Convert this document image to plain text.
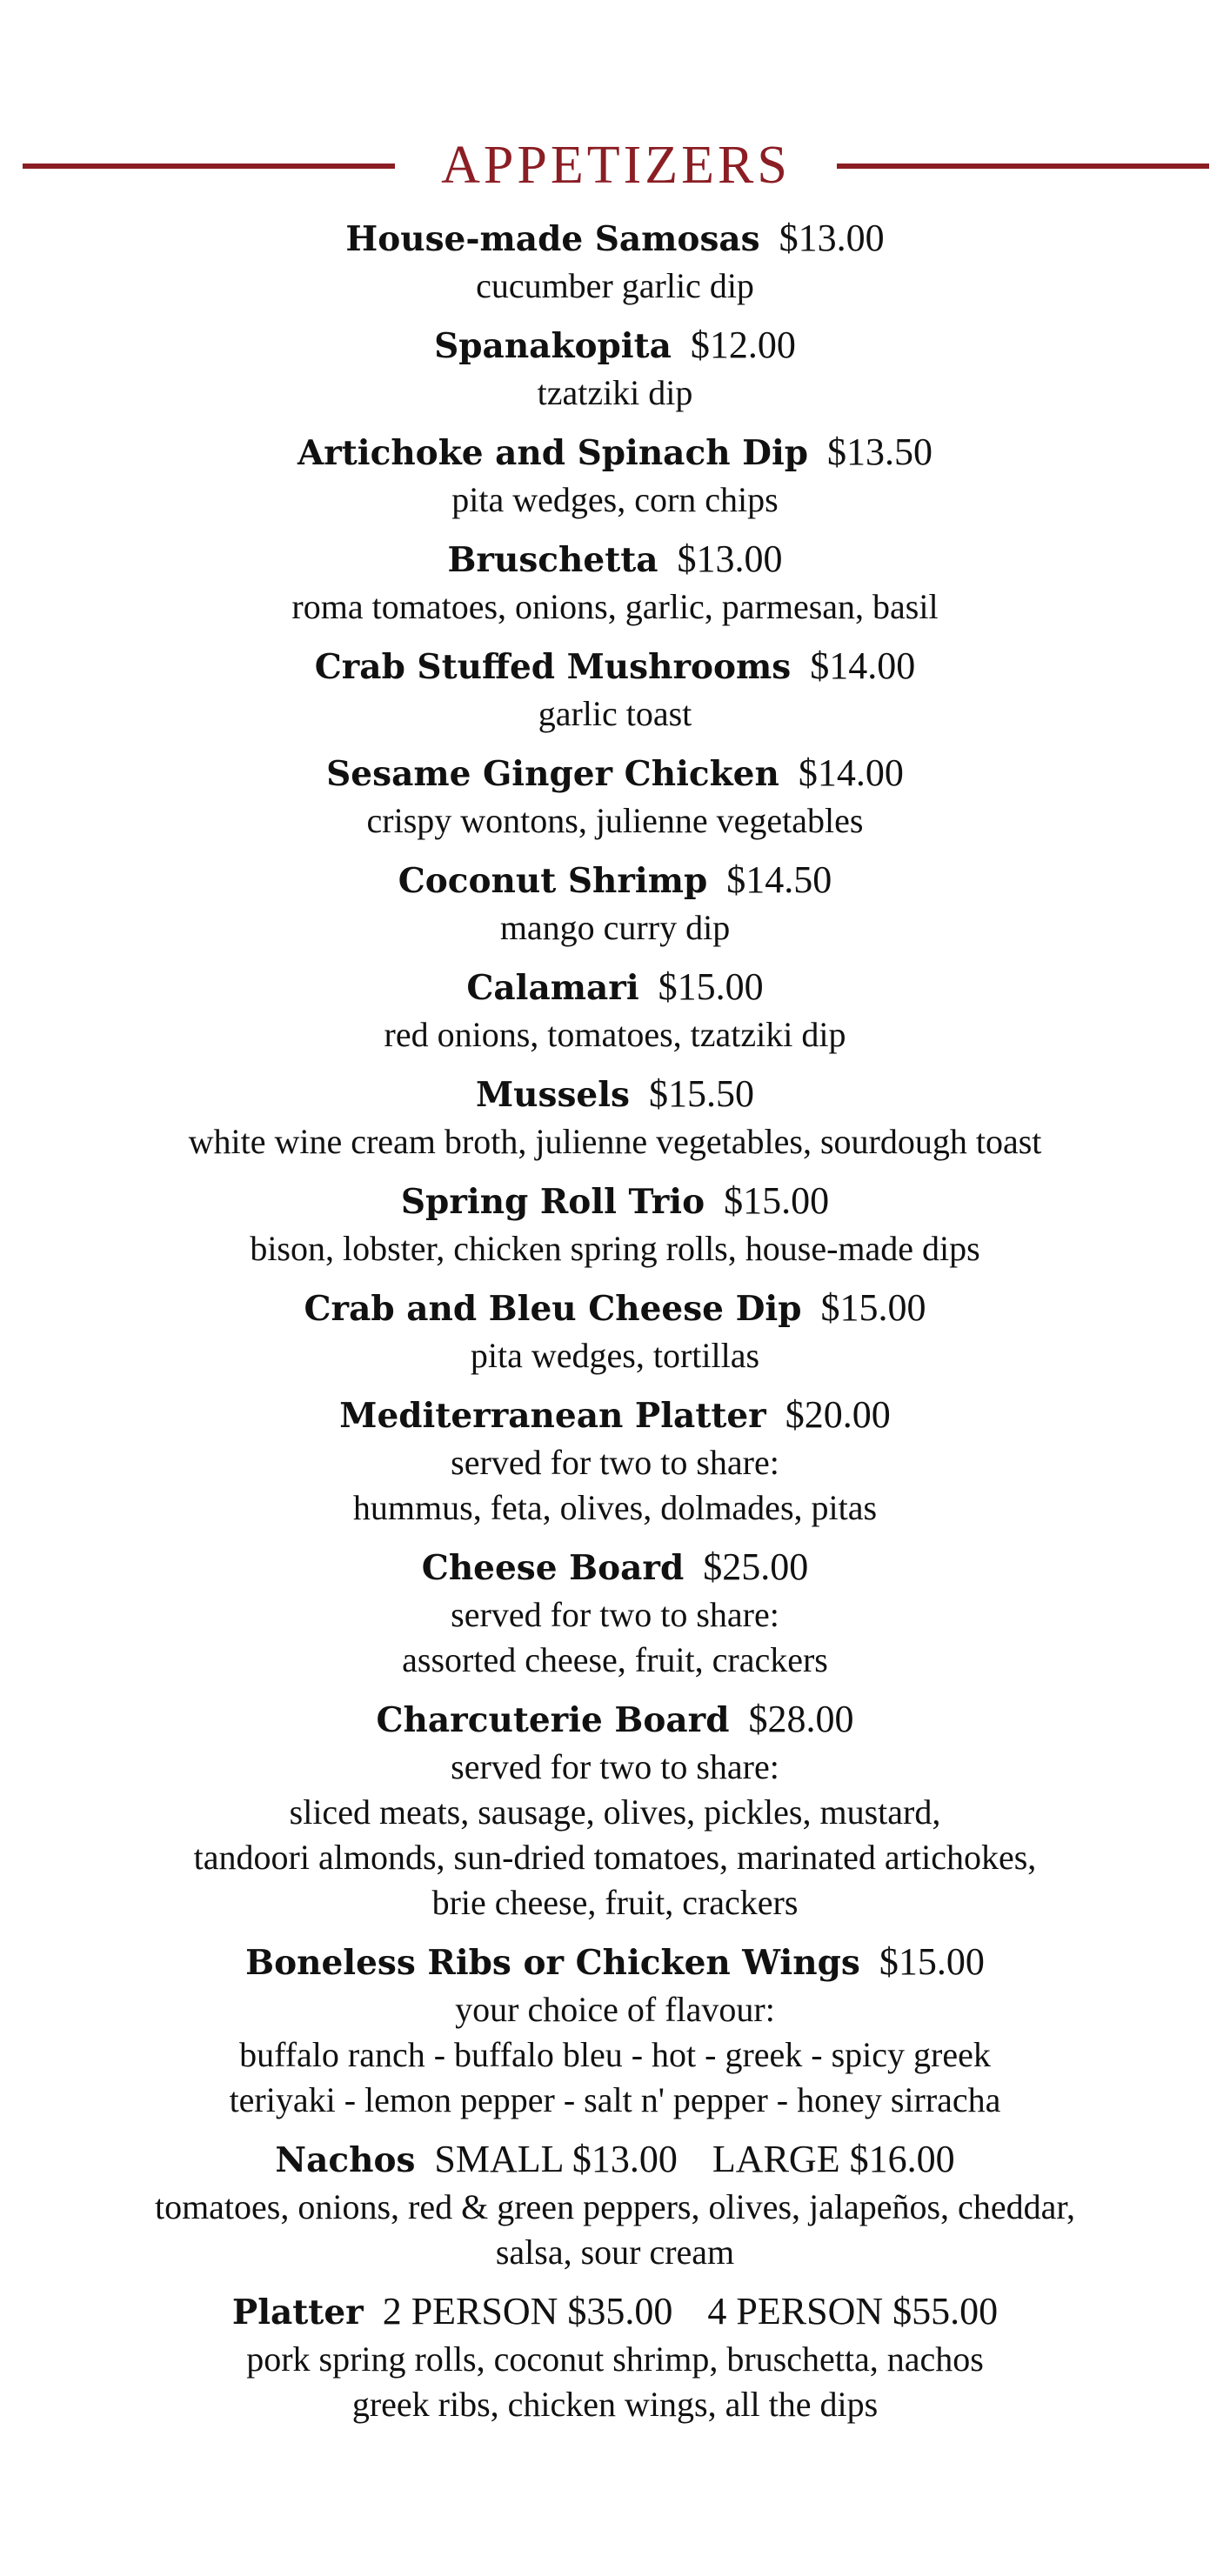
APPETIZERS
House-made Samosas $13.00
cucumber garlic dip
Spanakopita $12.00
tzatziki dip
Artichoke and Spinach Dip $13.50
pita wedges, corn chips
Bruschetta $13.00
roma tomatoes, onions, garlic, parmesan, basil
Crab Stuffed Mushrooms $14.00
garlic toast
Sesame Ginger Chicken $14.00
crispy wontons, julienne vegetables
Coconut Shrimp $14.50
mango curry dip
Calamari $15.00
red onions, tomatoes, tzatziki dip
Mussels $15.50
white wine cream broth, julienne vegetables, sourdough toast
Spring Roll Trio $15.00
bison, lobster, chicken spring rolls, house-made dips
Crab and Bleu Cheese Dip $15.00
pita wedges, tortillas
Mediterranean Platter $20.00
served for two to share:
hummus, feta, olives, dolmades, pitas
Cheese Board $25.00
served for two to share:
assorted cheese, fruit, crackers
Charcuterie Board $28.00
served for two to share:
sliced meats, sausage, olives, pickles, mustard,
tandoori almonds, sun-dried tomatoes, marinated artichokes,
brie cheese, fruit, crackers
Boneless Ribs or Chicken Wings $15.00
your choice of flavour:
buffalo ranch - buffalo bleu - hot - greek - spicy greek
teriyaki - lemon pepper - salt n' pepper - honey sirracha
Nachos SMALL $13.00 LARGE $16.00
tomatoes, onions, red & green peppers, olives, jalapeños, cheddar,
salsa, sour cream
Platter 2 PERSON $35.00 4 PERSON $55.00
pork spring rolls, coconut shrimp, bruschetta, nachos
greek ribs, chicken wings, all the dips
